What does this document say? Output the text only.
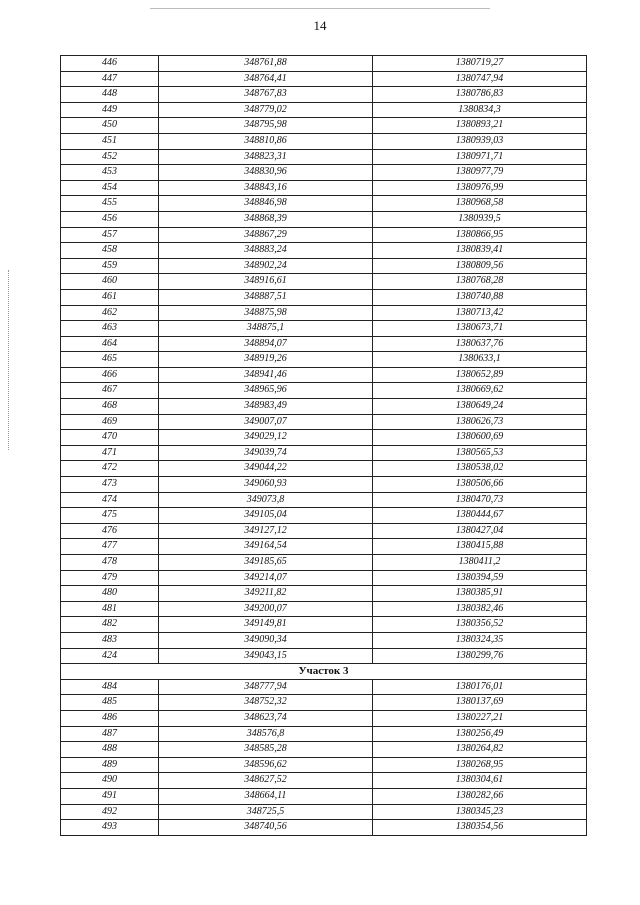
14
446	348761,88	1380719,27
447	348764,41	1380747,94
448	348767,83	1380786,83
449	348779,02	1380834,3
450	348795,98	1380893,21
451	348810,86	1380939,03
452	348823,31	1380971,71
453	348830,96	1380977,79
454	348843,16	1380976,99
455	348846,98	1380968,58
456	348868,39	1380939,5
457	348867,29	1380866,95
458	348883,24	1380839,41
459	348902,24	1380809,56
460	348916,61	1380768,28
461	348887,51	1380740,88
462	348875,98	1380713,42
463	348875,1	1380673,71
464	348894,07	1380637,76
465	348919,26	1380633,1
466	348941,46	1380652,89
467	348965,96	1380669,62
468	348983,49	1380649,24
469	349007,07	1380626,73
470	349029,12	1380600,69
471	349039,74	1380565,53
472	349044,22	1380538,02
473	349060,93	1380506,66
474	349073,8	1380470,73
475	349105,04	1380444,67
476	349127,12	1380427,04
477	349164,54	1380415,88
478	349185,65	1380411,2
479	349214,07	1380394,59
480	349211,82	1380385,91
481	349200,07	1380382,46
482	349149,81	1380356,52
483	349090,34	1380324,35
424	349043,15	1380299,76
Участок 3		
484	348777,94	1380176,01
485	348752,32	1380137,69
486	348623,74	1380227,21
487	348576,8	1380256,49
488	348585,28	1380264,82
489	348596,62	1380268,95
490	348627,52	1380304,61
491	348664,11	1380282,66
492	348725,5	1380345,23
493	348740,56	1380354,56
